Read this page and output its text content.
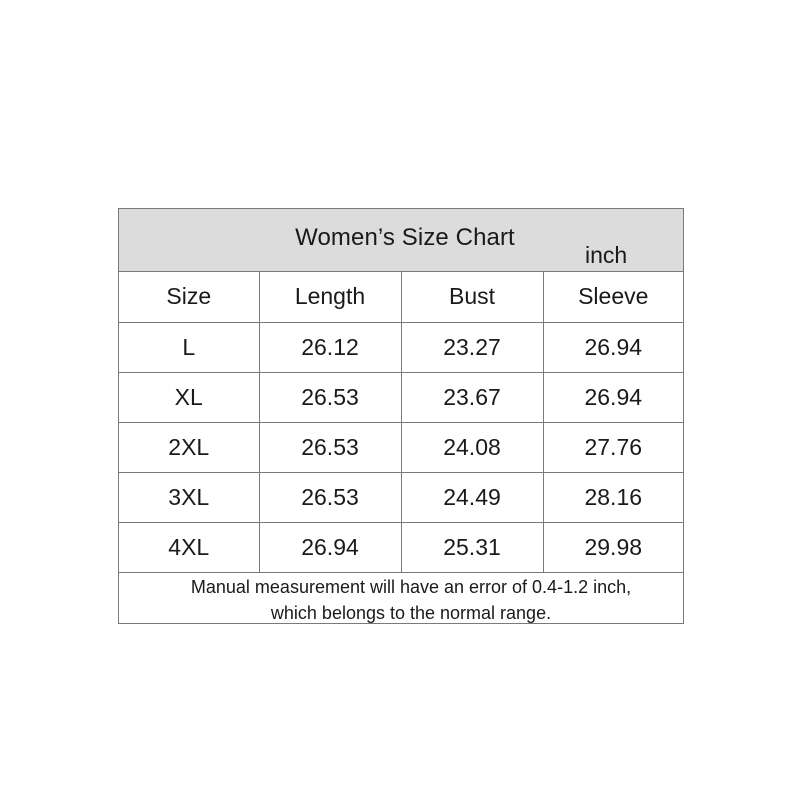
Women’s Size Chart
inch
Size	Length	Bust	Sleeve
L	26.12	23.27	26.94
XL	26.53	23.67	26.94
2XL	26.53	24.08	27.76
3XL	26.53	24.49	28.16
4XL	26.94	25.31	29.98
Manual measurement will have an error of 0.4-1.2 inch,
which belongs to the normal range.
